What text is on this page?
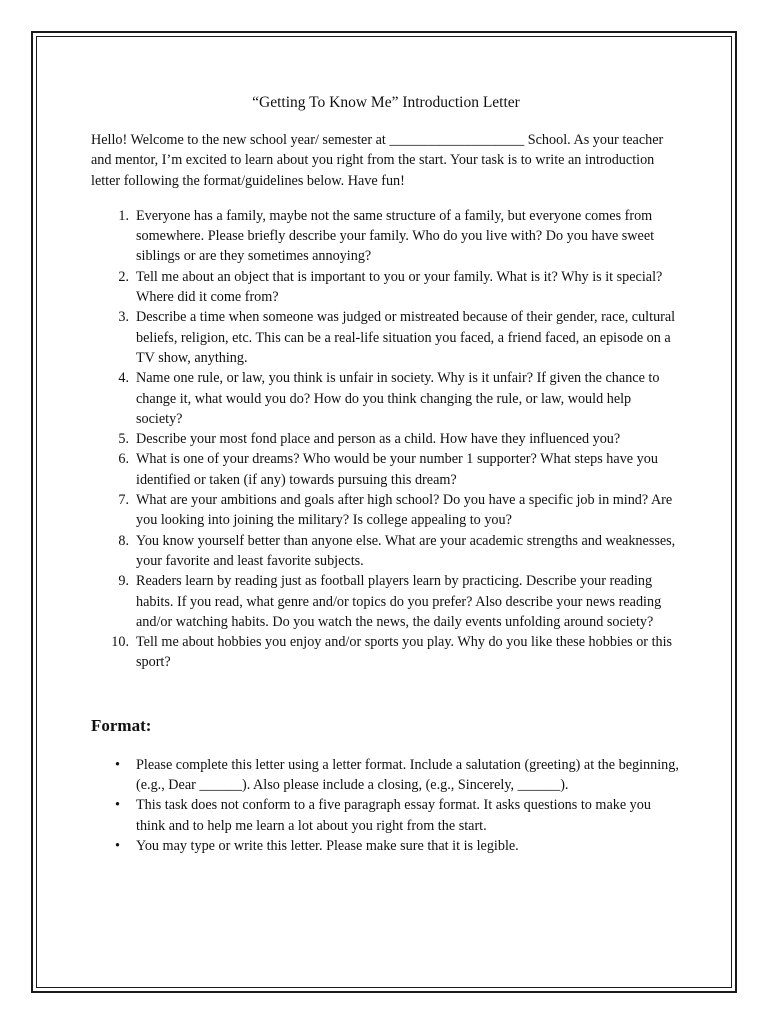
“Getting To Know Me” Introduction Letter

Hello! Welcome to the new school year/ semester at ___________________ School. As your teacher and mentor, I’m excited to learn about you right from the start. Your task is to write an introduction letter following the format/guidelines below. Have fun!

1. Everyone has a family, maybe not the same structure of a family, but everyone comes from somewhere. Please briefly describe your family. Who do you live with? Do you have sweet siblings or are they sometimes annoying?
2. Tell me about an object that is important to you or your family. What is it? Why is it special? Where did it come from?
3. Describe a time when someone was judged or mistreated because of their gender, race, cultural beliefs, religion, etc. This can be a real-life situation you faced, a friend faced, an episode on a TV show, anything.
4. Name one rule, or law, you think is unfair in society. Why is it unfair? If given the chance to change it, what would you do? How do you think changing the rule, or law, would help society?
5. Describe your most fond place and person as a child. How have they influenced you?
6. What is one of your dreams? Who would be your number 1 supporter? What steps have you identified or taken (if any) towards pursuing this dream?
7. What are your ambitions and goals after high school? Do you have a specific job in mind? Are you looking into joining the military? Is college appealing to you?
8. You know yourself better than anyone else. What are your academic strengths and weaknesses, your favorite and least favorite subjects.
9. Readers learn by reading just as football players learn by practicing. Describe your reading habits. If you read, what genre and/or topics do you prefer? Also describe your news reading and/or watching habits. Do you watch the news, the daily events unfolding around society?
10. Tell me about hobbies you enjoy and/or sports you play. Why do you like these hobbies or this sport?
Format:
• Please complete this letter using a letter format. Include a salutation (greeting) at the beginning, (e.g., Dear ______). Also please include a closing, (e.g., Sincerely, ______).
• This task does not conform to a five paragraph essay format. It asks questions to make you think and to help me learn a lot about you right from the start.
• You may type or write this letter. Please make sure that it is legible.
